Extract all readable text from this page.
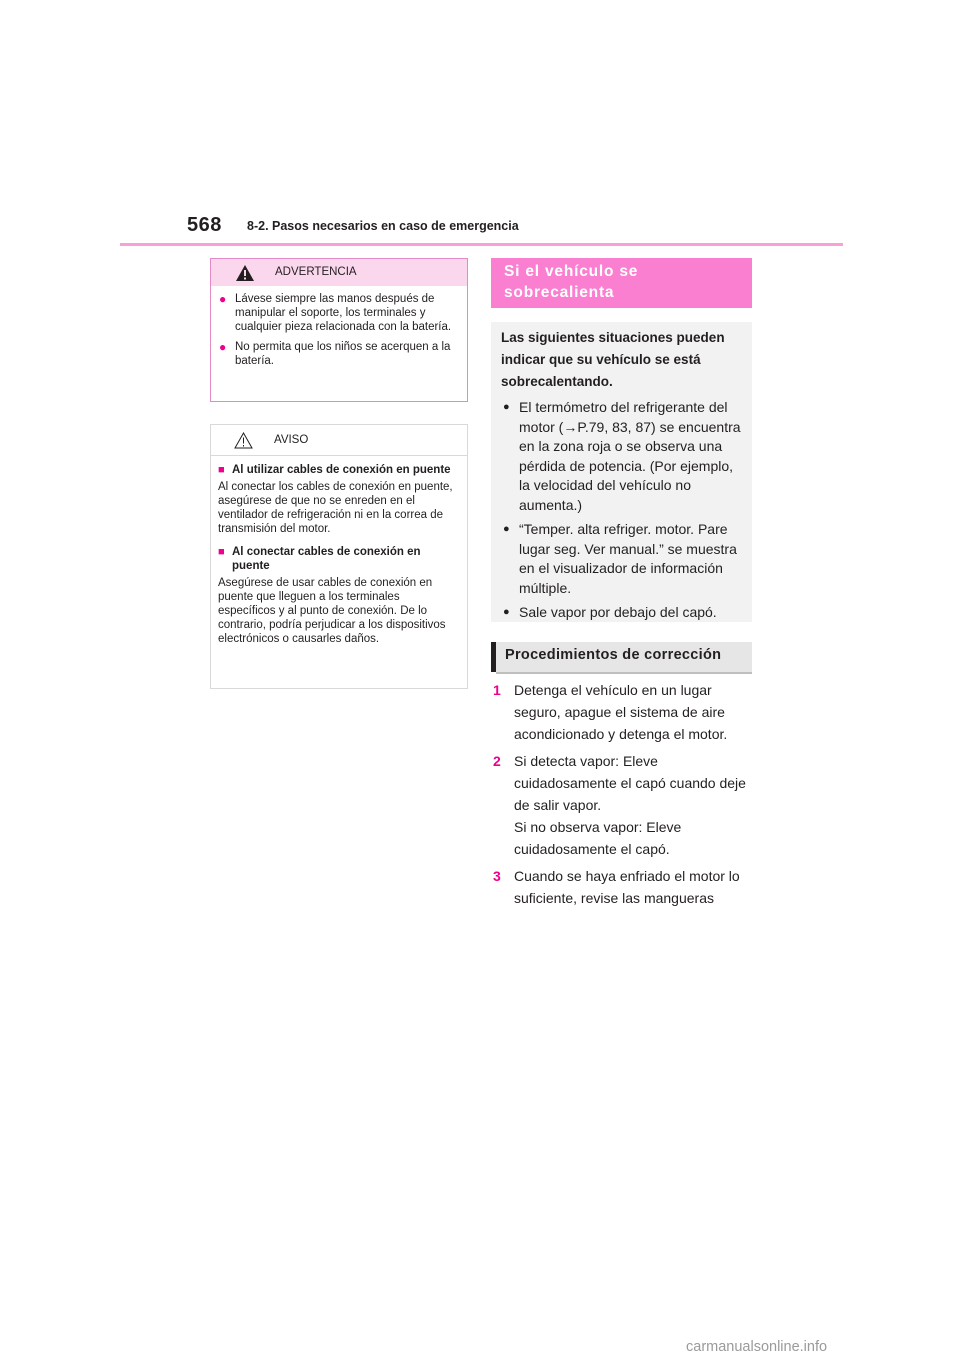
568 8-2. Pasos necesarios en caso de emergencia
ADVERTENCIA
● Lávese siempre las manos después de manipular el soporte, los terminales y cualquier pieza relacionada con la batería.
● No permita que los niños se acerquen a la batería.
AVISO
■ Al utilizar cables de conexión en puente
Al conectar los cables de conexión en puente, asegúrese de que no se enreden en el ventilador de refrigeración ni en la correa de transmisión del motor.
■ Al conectar cables de conexión en puente
Asegúrese de usar cables de conexión en puente que lleguen a los terminales específicos y al punto de conexión. De lo contrario, podría perjudicar a los dispositivos electrónicos o causarles daños.
Si el vehículo se sobrecalienta
Las siguientes situaciones pueden indicar que su vehículo se está sobrecalentando.
● El termómetro del refrigerante del motor (→P.79, 83, 87) se encuentra en la zona roja o se observa una pérdida de potencia. (Por ejemplo, la velocidad del vehículo no aumenta.)
● “Temper. alta refriger. motor. Pare lugar seg. Ver manual.” se muestra en el visualizador de información múltiple.
● Sale vapor por debajo del capó.
Procedimientos de corrección
1 Detenga el vehículo en un lugar seguro, apague el sistema de aire acondicionado y detenga el motor.

2 Si detecta vapor: Eleve cuidadosamente el capó cuando deje de salir vapor.

Si no observa vapor: Eleve cuidadosamente el capó.

3 Cuando se haya enfriado el motor lo suficiente, revise las mangueras

carmanualsonline.info
